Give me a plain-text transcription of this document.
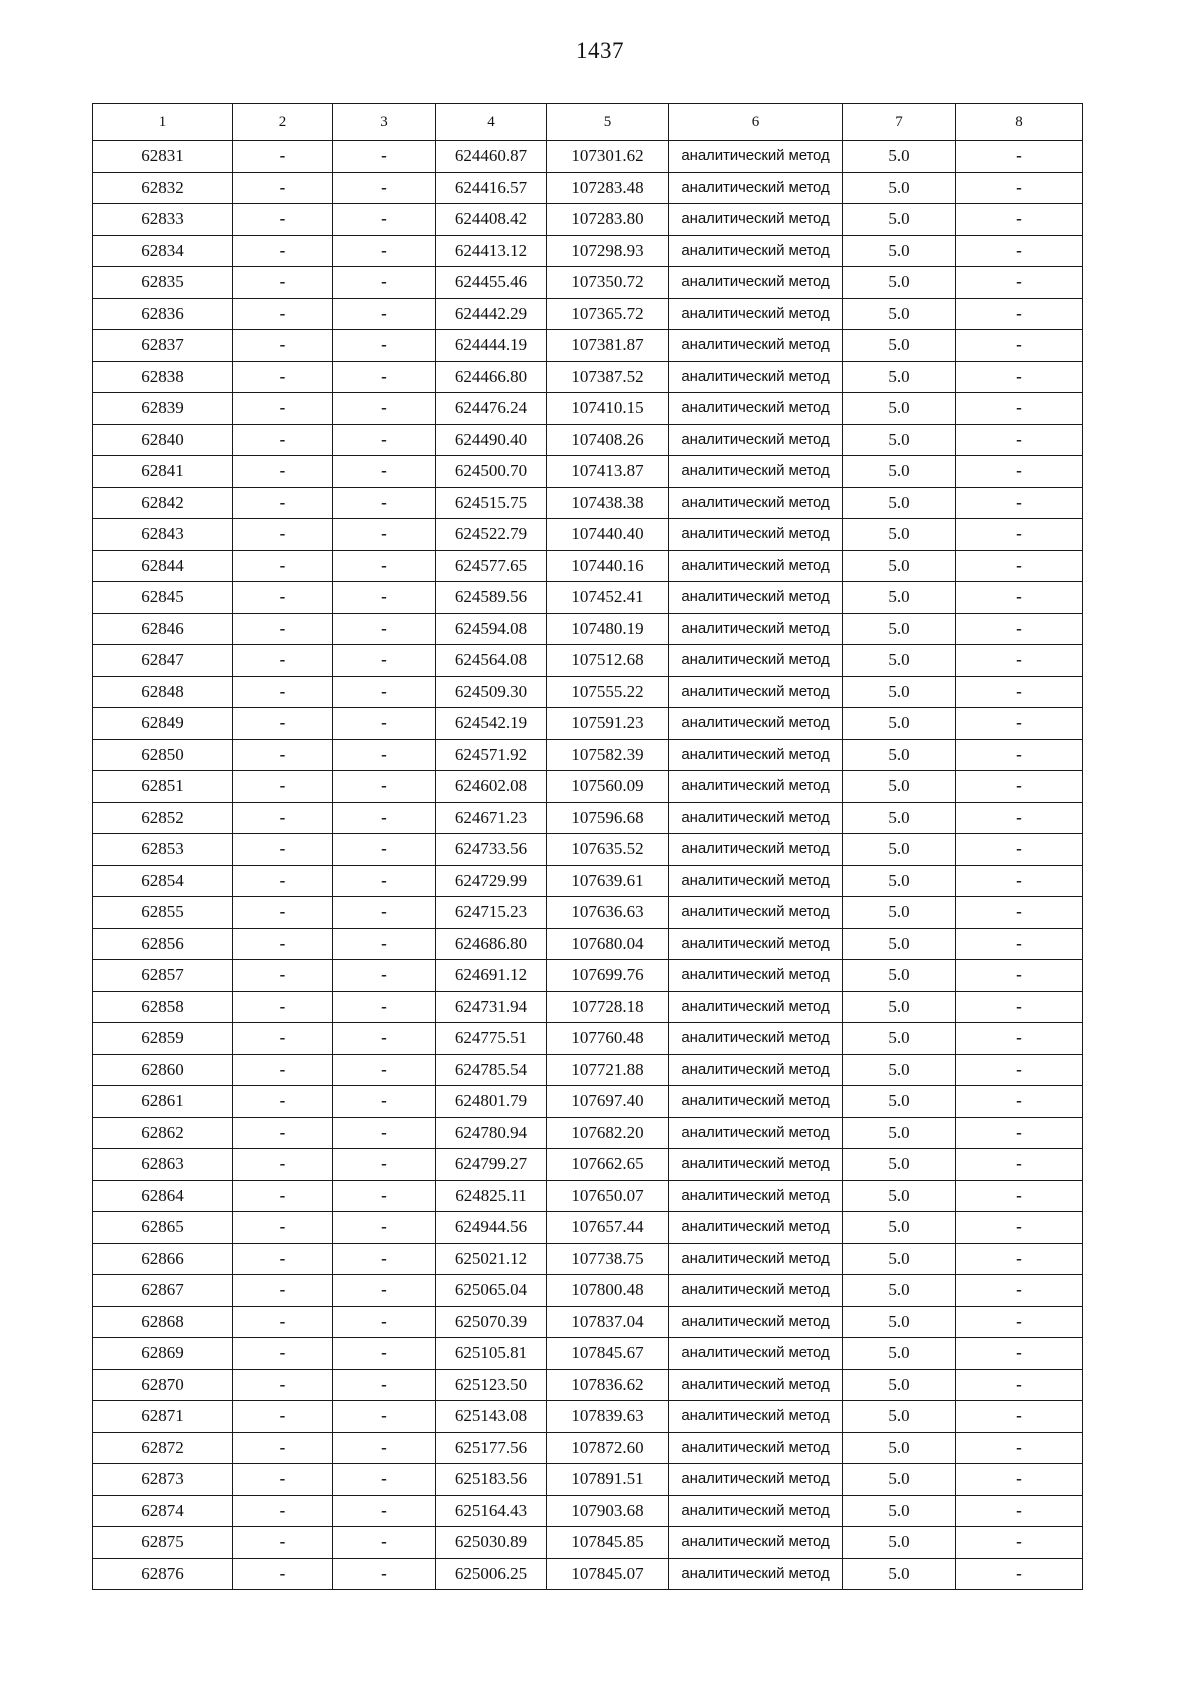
1437
1	2	3	4	5	6	7	8
62831	-	-	624460.87	107301.62	аналитический метод	5.0	-
62832	-	-	624416.57	107283.48	аналитический метод	5.0	-
62833	-	-	624408.42	107283.80	аналитический метод	5.0	-
62834	-	-	624413.12	107298.93	аналитический метод	5.0	-
62835	-	-	624455.46	107350.72	аналитический метод	5.0	-
62836	-	-	624442.29	107365.72	аналитический метод	5.0	-
62837	-	-	624444.19	107381.87	аналитический метод	5.0	-
62838	-	-	624466.80	107387.52	аналитический метод	5.0	-
62839	-	-	624476.24	107410.15	аналитический метод	5.0	-
62840	-	-	624490.40	107408.26	аналитический метод	5.0	-
62841	-	-	624500.70	107413.87	аналитический метод	5.0	-
62842	-	-	624515.75	107438.38	аналитический метод	5.0	-
62843	-	-	624522.79	107440.40	аналитический метод	5.0	-
62844	-	-	624577.65	107440.16	аналитический метод	5.0	-
62845	-	-	624589.56	107452.41	аналитический метод	5.0	-
62846	-	-	624594.08	107480.19	аналитический метод	5.0	-
62847	-	-	624564.08	107512.68	аналитический метод	5.0	-
62848	-	-	624509.30	107555.22	аналитический метод	5.0	-
62849	-	-	624542.19	107591.23	аналитический метод	5.0	-
62850	-	-	624571.92	107582.39	аналитический метод	5.0	-
62851	-	-	624602.08	107560.09	аналитический метод	5.0	-
62852	-	-	624671.23	107596.68	аналитический метод	5.0	-
62853	-	-	624733.56	107635.52	аналитический метод	5.0	-
62854	-	-	624729.99	107639.61	аналитический метод	5.0	-
62855	-	-	624715.23	107636.63	аналитический метод	5.0	-
62856	-	-	624686.80	107680.04	аналитический метод	5.0	-
62857	-	-	624691.12	107699.76	аналитический метод	5.0	-
62858	-	-	624731.94	107728.18	аналитический метод	5.0	-
62859	-	-	624775.51	107760.48	аналитический метод	5.0	-
62860	-	-	624785.54	107721.88	аналитический метод	5.0	-
62861	-	-	624801.79	107697.40	аналитический метод	5.0	-
62862	-	-	624780.94	107682.20	аналитический метод	5.0	-
62863	-	-	624799.27	107662.65	аналитический метод	5.0	-
62864	-	-	624825.11	107650.07	аналитический метод	5.0	-
62865	-	-	624944.56	107657.44	аналитический метод	5.0	-
62866	-	-	625021.12	107738.75	аналитический метод	5.0	-
62867	-	-	625065.04	107800.48	аналитический метод	5.0	-
62868	-	-	625070.39	107837.04	аналитический метод	5.0	-
62869	-	-	625105.81	107845.67	аналитический метод	5.0	-
62870	-	-	625123.50	107836.62	аналитический метод	5.0	-
62871	-	-	625143.08	107839.63	аналитический метод	5.0	-
62872	-	-	625177.56	107872.60	аналитический метод	5.0	-
62873	-	-	625183.56	107891.51	аналитический метод	5.0	-
62874	-	-	625164.43	107903.68	аналитический метод	5.0	-
62875	-	-	625030.89	107845.85	аналитический метод	5.0	-
62876	-	-	625006.25	107845.07	аналитический метод	5.0	-
